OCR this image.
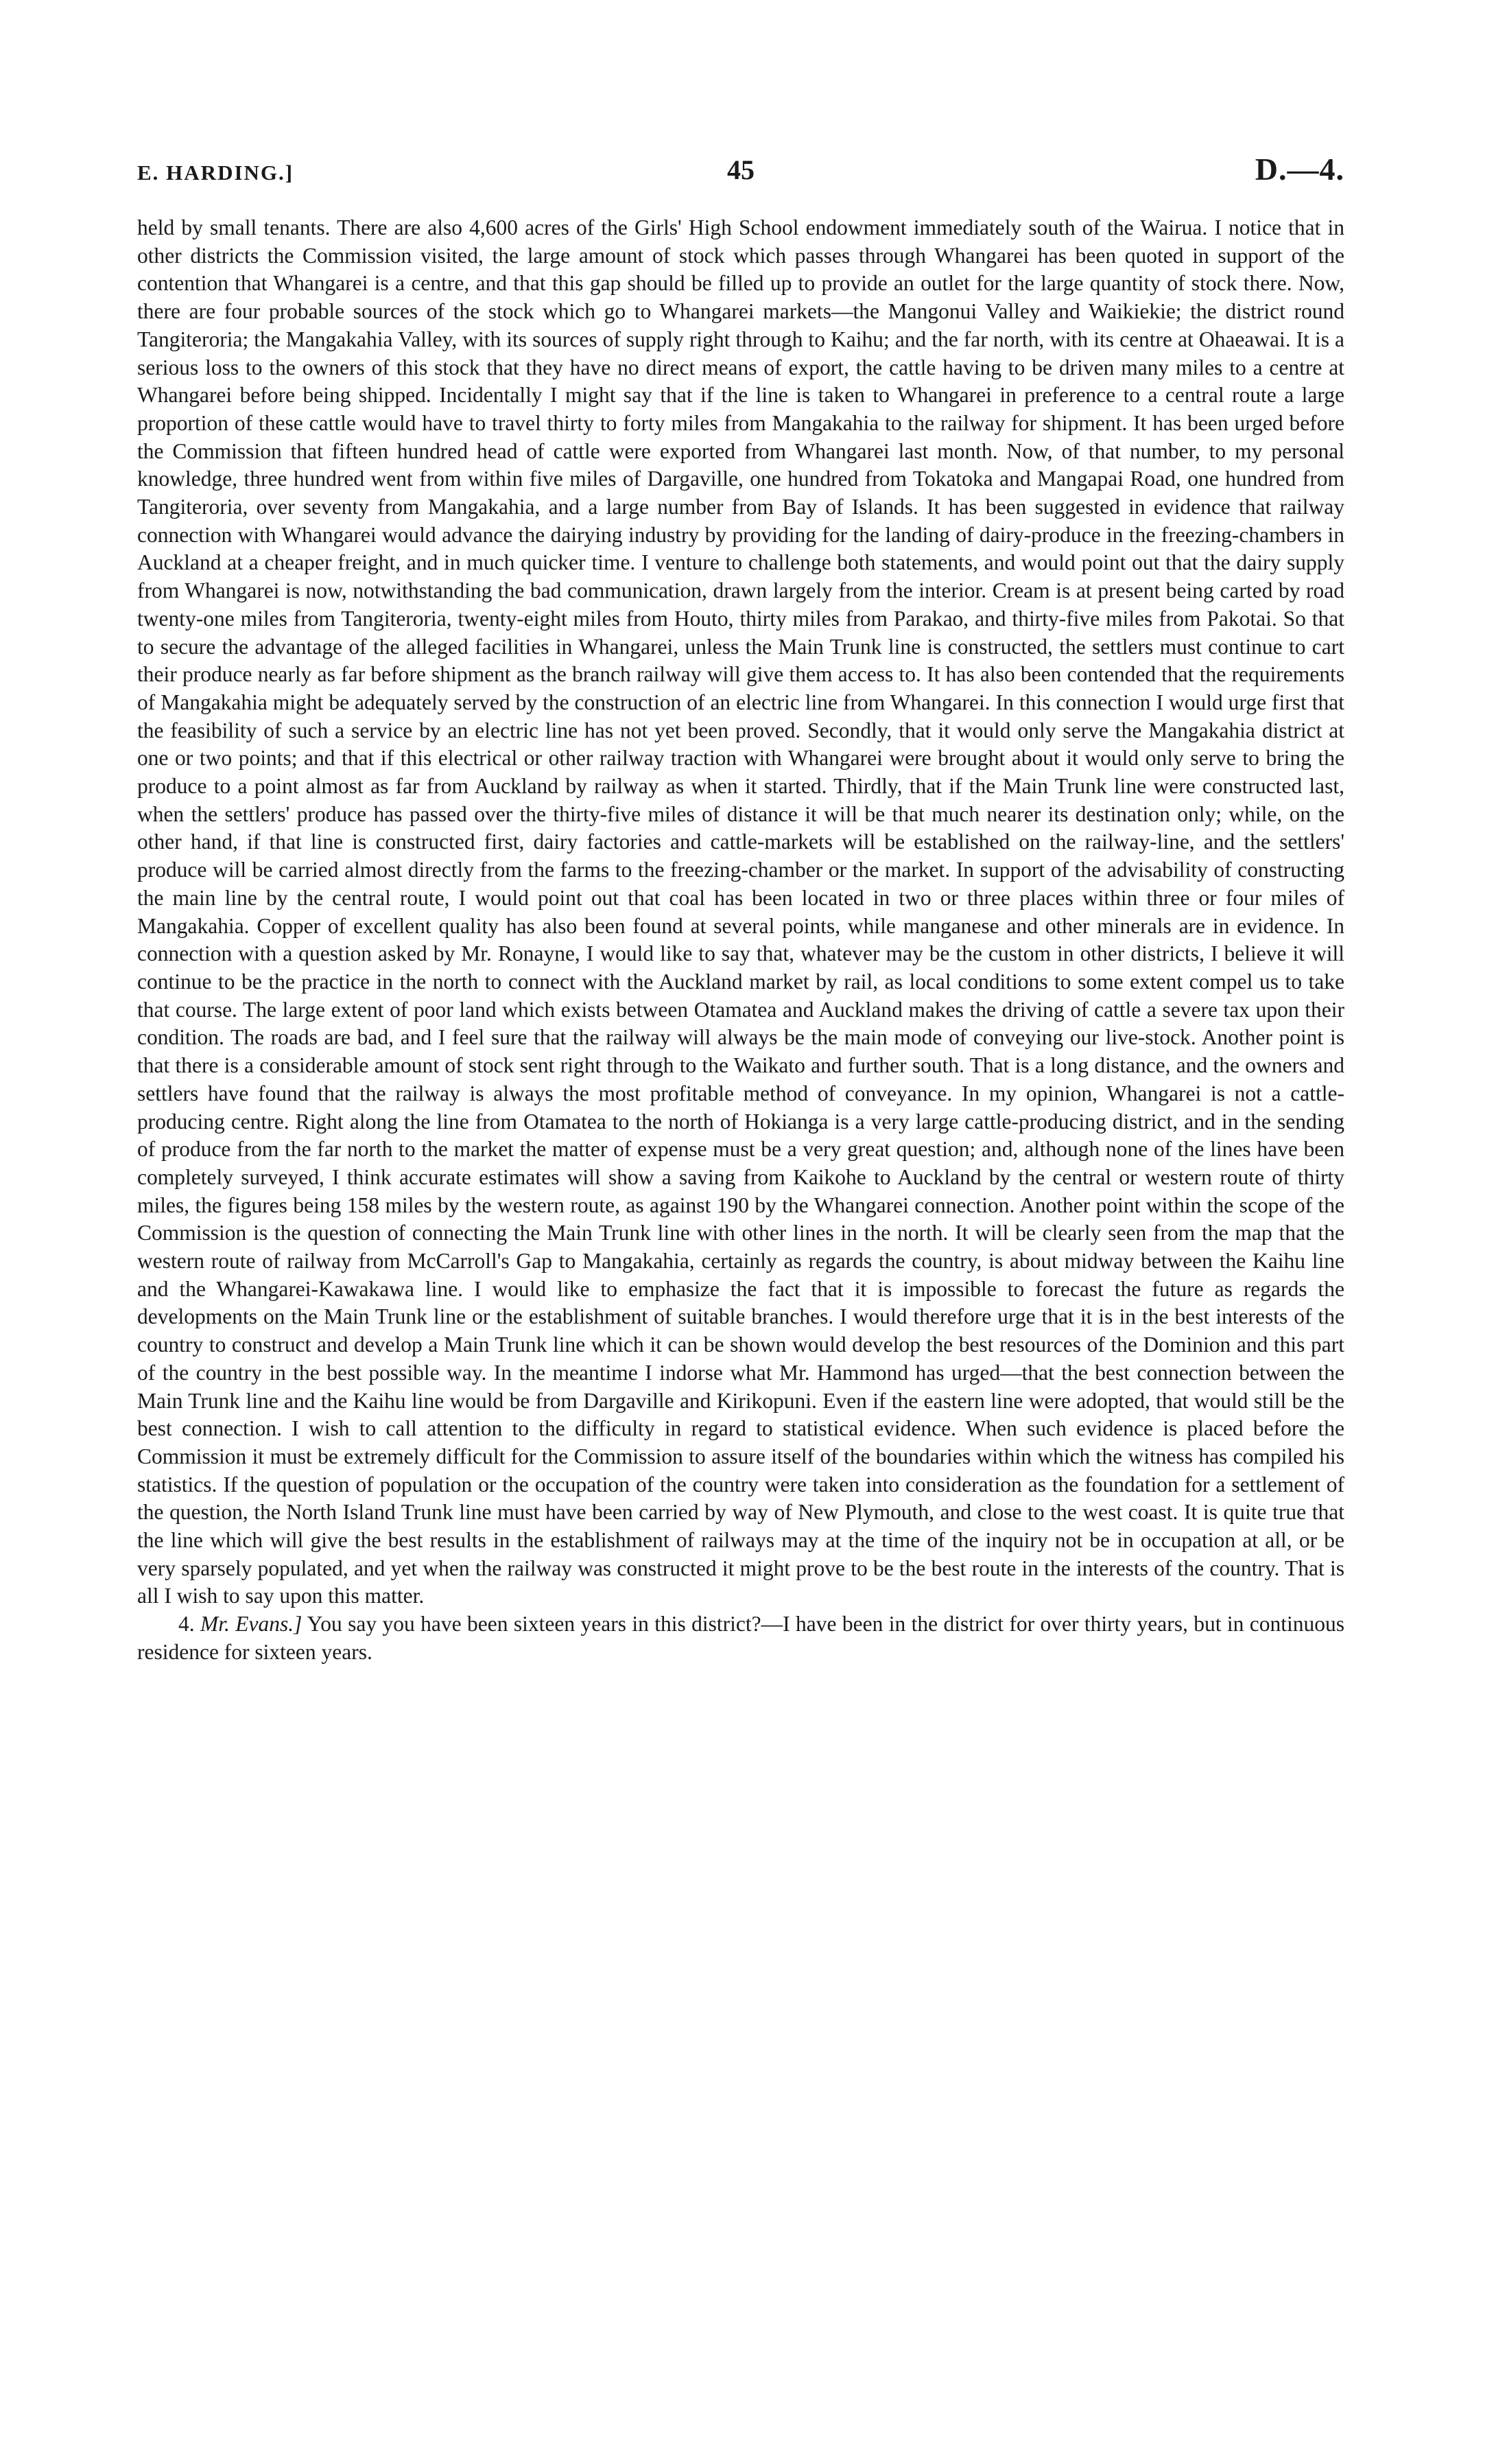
E. HARDING.]	45	D.—4.

held by small tenants. There are also 4,600 acres of the Girls' High School endowment immediately south of the Wairua. I notice that in other districts the Commission visited, the large amount of stock which passes through Whangarei has been quoted in support of the contention that Whangarei is a centre, and that this gap should be filled up to provide an outlet for the large quantity of stock there. Now, there are four probable sources of the stock which go to Whangarei markets—the Mangonui Valley and Waikiekie; the district round Tangiteroria; the Mangakahia Valley, with its sources of supply right through to Kaihu; and the far north, with its centre at Ohaeawai. It is a serious loss to the owners of this stock that they have no direct means of export, the cattle having to be driven many miles to a centre at Whangarei before being shipped. Incidentally I might say that if the line is taken to Whangarei in preference to a central route a large proportion of these cattle would have to travel thirty to forty miles from Mangakahia to the railway for shipment. It has been urged before the Commission that fifteen hundred head of cattle were exported from Whangarei last month. Now, of that number, to my personal knowledge, three hundred went from within five miles of Dargaville, one hundred from Tokatoka and Mangapai Road, one hundred from Tangiteroria, over seventy from Mangakahia, and a large number from Bay of Islands. It has been suggested in evidence that railway connection with Whangarei would advance the dairying industry by providing for the landing of dairy-produce in the freezing-chambers in Auckland at a cheaper freight, and in much quicker time. I venture to challenge both statements, and would point out that the dairy supply from Whangarei is now, notwithstanding the bad communication, drawn largely from the interior. Cream is at present being carted by road twenty-one miles from Tangiteroria, twenty-eight miles from Houto, thirty miles from Parakao, and thirty-five miles from Pakotai. So that to secure the advantage of the alleged facilities in Whangarei, unless the Main Trunk line is constructed, the settlers must continue to cart their produce nearly as far before shipment as the branch railway will give them access to. It has also been contended that the requirements of Mangakahia might be adequately served by the construction of an electric line from Whangarei. In this connection I would urge first that the feasibility of such a service by an electric line has not yet been proved. Secondly, that it would only serve the Mangakahia district at one or two points; and that if this electrical or other railway traction with Whangarei were brought about it would only serve to bring the produce to a point almost as far from Auckland by railway as when it started. Thirdly, that if the Main Trunk line were constructed last, when the settlers' produce has passed over the thirty-five miles of distance it will be that much nearer its destination only; while, on the other hand, if that line is constructed first, dairy factories and cattle-markets will be established on the railway-line, and the settlers' produce will be carried almost directly from the farms to the freezing-chamber or the market. In support of the advisability of constructing the main line by the central route, I would point out that coal has been located in two or three places within three or four miles of Mangakahia. Copper of excellent quality has also been found at several points, while manganese and other minerals are in evidence. In connection with a question asked by Mr. Ronayne, I would like to say that, whatever may be the custom in other districts, I believe it will continue to be the practice in the north to connect with the Auckland market by rail, as local conditions to some extent compel us to take that course. The large extent of poor land which exists between Otamatea and Auckland makes the driving of cattle a severe tax upon their condition. The roads are bad, and I feel sure that the railway will always be the main mode of conveying our live-stock. Another point is that there is a considerable amount of stock sent right through to the Waikato and further south. That is a long distance, and the owners and settlers have found that the railway is always the most profitable method of conveyance. In my opinion, Whangarei is not a cattle-producing centre. Right along the line from Otamatea to the north of Hokianga is a very large cattle-producing district, and in the sending of produce from the far north to the market the matter of expense must be a very great question; and, although none of the lines have been completely surveyed, I think accurate estimates will show a saving from Kaikohe to Auckland by the central or western route of thirty miles, the figures being 158 miles by the western route, as against 190 by the Whangarei connection. Another point within the scope of the Commission is the question of connecting the Main Trunk line with other lines in the north. It will be clearly seen from the map that the western route of railway from McCarroll's Gap to Mangakahia, certainly as regards the country, is about midway between the Kaihu line and the Whangarei-Kawakawa line. I would like to emphasize the fact that it is impossible to forecast the future as regards the developments on the Main Trunk line or the establishment of suitable branches. I would therefore urge that it is in the best interests of the country to construct and develop a Main Trunk line which it can be shown would develop the best resources of the Dominion and this part of the country in the best possible way. In the meantime I indorse what Mr. Hammond has urged—that the best connection between the Main Trunk line and the Kaihu line would be from Dargaville and Kirikopuni. Even if the eastern line were adopted, that would still be the best connection. I wish to call attention to the difficulty in regard to statistical evidence. When such evidence is placed before the Commission it must be extremely difficult for the Commission to assure itself of the boundaries within which the witness has compiled his statistics. If the question of population or the occupation of the country were taken into consideration as the foundation for a settlement of the question, the North Island Trunk line must have been carried by way of New Plymouth, and close to the west coast. It is quite true that the line which will give the best results in the establishment of railways may at the time of the inquiry not be in occupation at all, or be very sparsely populated, and yet when the railway was constructed it might prove to be the best route in the interests of the country. That is all I wish to say upon this matter.

4. Mr. Evans.] You say you have been sixteen years in this district?—I have been in the district for over thirty years, but in continuous residence for sixteen years.
